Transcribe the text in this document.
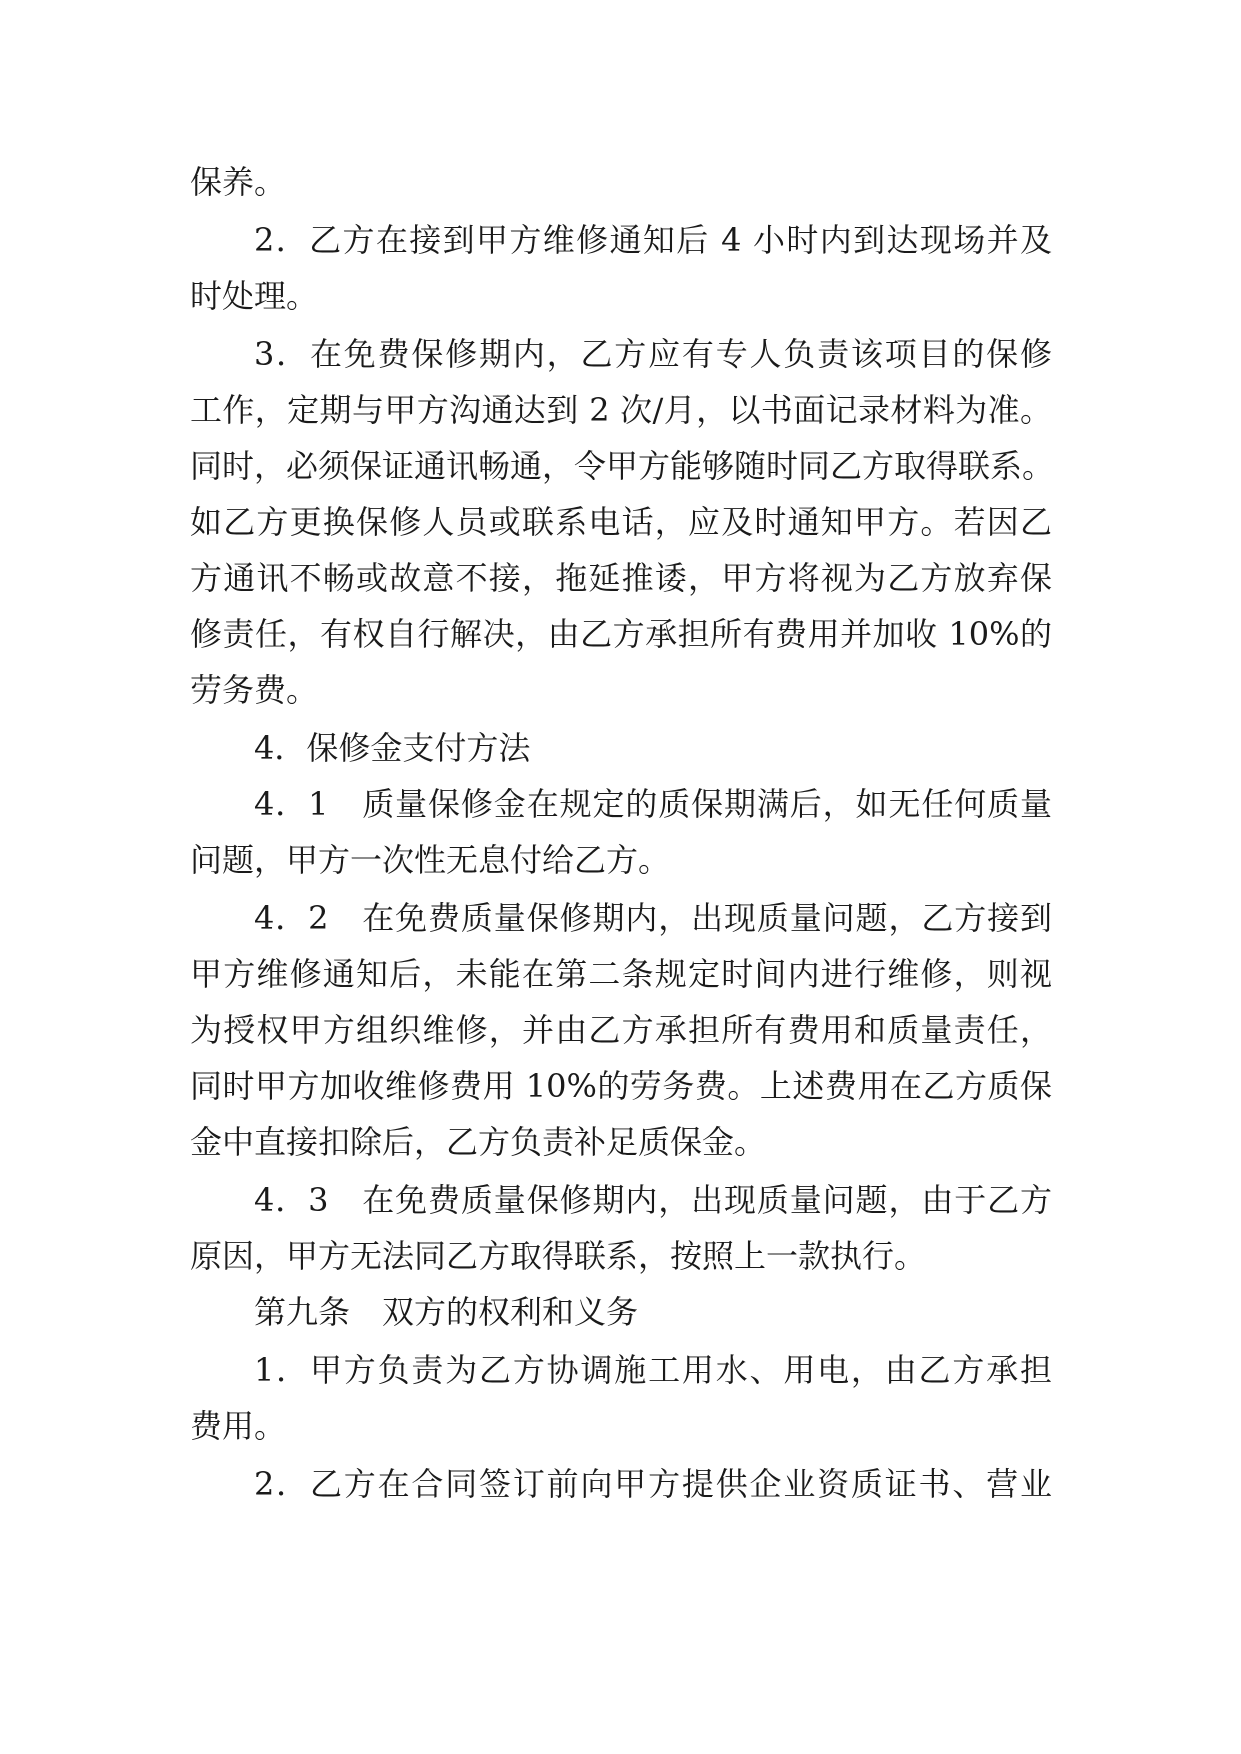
保养。
2．乙方在接到甲方维修通知后 4 小时内到达现场并及
时处理。
3．在免费保修期内，乙方应有专人负责该项目的保修
工作，定期与甲方沟通达到 2 次/月，以书面记录材料为准。
同时，必须保证通讯畅通，令甲方能够随时同乙方取得联系。
如乙方更换保修人员或联系电话，应及时通知甲方。若因乙
方通讯不畅或故意不接，拖延推诿，甲方将视为乙方放弃保
修责任，有权自行解决，由乙方承担所有费用并加收 10%的
劳务费。
4．保修金支付方法
4．1　质量保修金在规定的质保期满后，如无任何质量
问题，甲方一次性无息付给乙方。
4．2　在免费质量保修期内，出现质量问题，乙方接到
甲方维修通知后，未能在第二条规定时间内进行维修，则视
为授权甲方组织维修，并由乙方承担所有费用和质量责任，
同时甲方加收维修费用 10%的劳务费。上述费用在乙方质保
金中直接扣除后，乙方负责补足质保金。
4．3　在免费质量保修期内，出现质量问题，由于乙方
原因，甲方无法同乙方取得联系，按照上一款执行。
第九条　双方的权利和义务
1．甲方负责为乙方协调施工用水、用电，由乙方承担
费用。
2．乙方在合同签订前向甲方提供企业资质证书、营业
